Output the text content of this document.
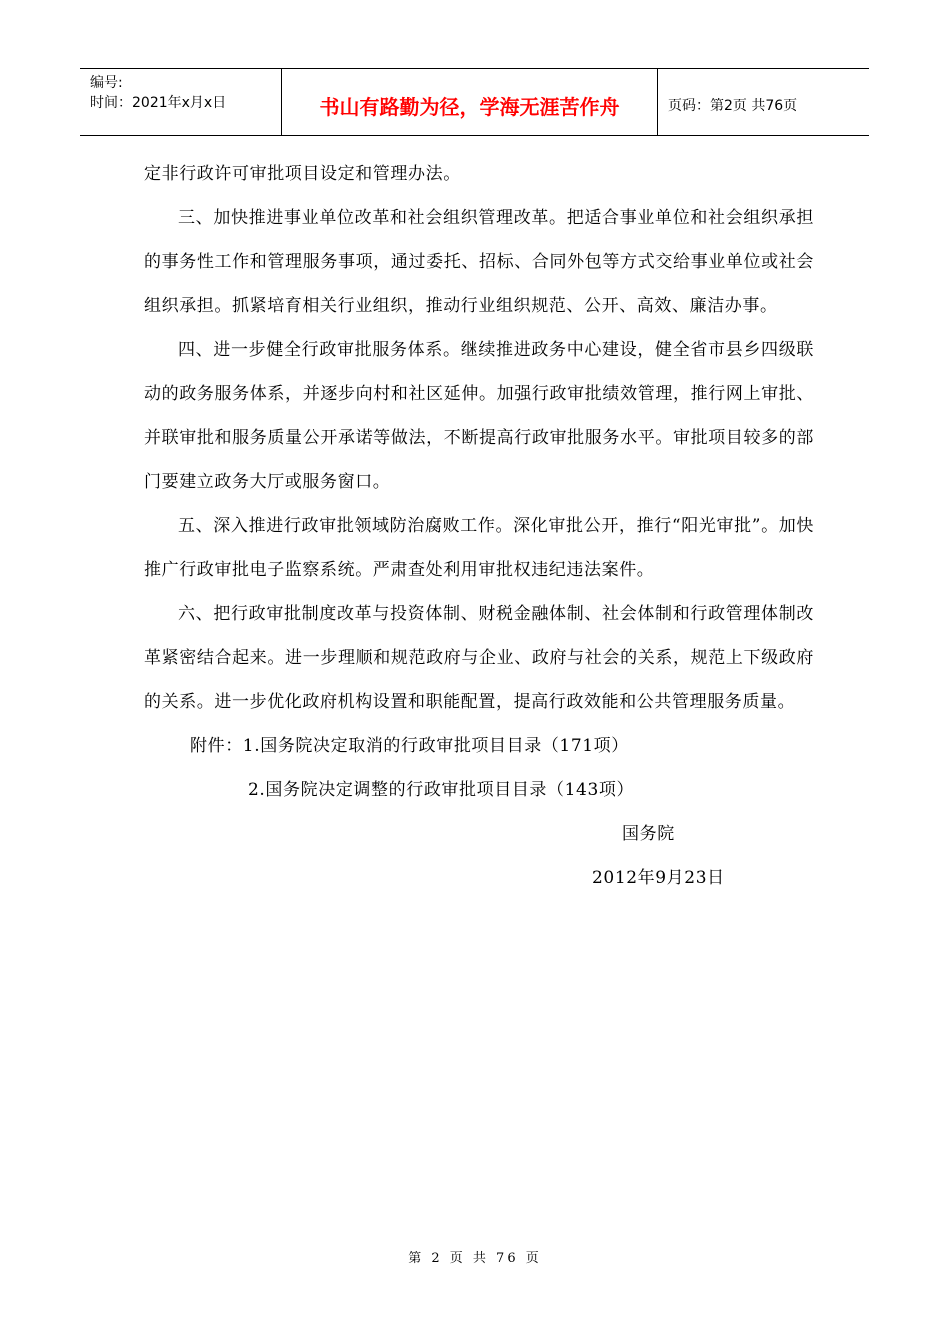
编号:
时间：2021年x月x日	书山有路勤为径，学海无涯苦作舟	页码：第2页 共76页

定非行政许可审批项目设定和管理办法。

三、加快推进事业单位改革和社会组织管理改革。把适合事业单位和社会组织承担的事务性工作和管理服务事项，通过委托、招标、合同外包等方式交给事业单位或社会组织承担。抓紧培育相关行业组织，推动行业组织规范、公开、高效、廉洁办事。

四、进一步健全行政审批服务体系。继续推进政务中心建设，健全省市县乡四级联动的政务服务体系，并逐步向村和社区延伸。加强行政审批绩效管理，推行网上审批、并联审批和服务质量公开承诺等做法，不断提高行政审批服务水平。审批项目较多的部门要建立政务大厅或服务窗口。

五、深入推进行政审批领域防治腐败工作。深化审批公开，推行“阳光审批”。加快推广行政审批电子监察系统。严肃查处利用审批权违纪违法案件。

六、把行政审批制度改革与投资体制、财税金融体制、社会体制和行政管理体制改革紧密结合起来。进一步理顺和规范政府与企业、政府与社会的关系，规范上下级政府的关系。进一步优化政府机构设置和职能配置，提高行政效能和公共管理服务质量。

附件：1.国务院决定取消的行政审批项目目录（171项）

2.国务院决定调整的行政审批项目目录（143项）

国务院

2012年9月23日

第 2 页 共 76 页
